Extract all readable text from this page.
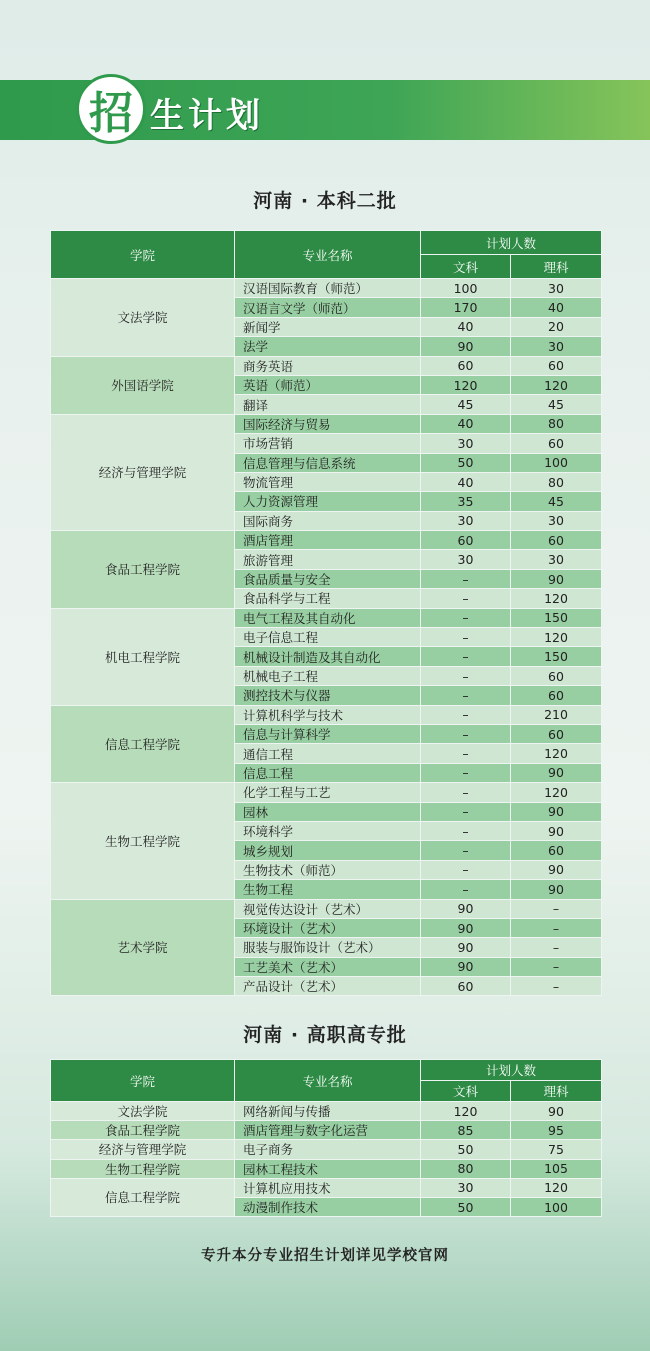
招 生计划
河南 · 本科二批
学院	专业名称	计划人数	
		文科	理科
文法学院	汉语国际教育（师范）	100	30
	汉语言文学（师范）	170	40
	新闻学	40	20
	法学	90	30
外国语学院	商务英语	60	60
	英语（师范）	120	120
	翻译	45	45
经济与管理学院	国际经济与贸易	40	80
	市场营销	30	60
	信息管理与信息系统	50	100
	物流管理	40	80
	人力资源管理	35	45
	国际商务	30	30
食品工程学院	酒店管理	60	60
	旅游管理	30	30
	食品质量与安全	–	90
	食品科学与工程	–	120
机电工程学院	电气工程及其自动化	–	150
	电子信息工程	–	120
	机械设计制造及其自动化	–	150
	机械电子工程	–	60
	测控技术与仪器	–	60
信息工程学院	计算机科学与技术	–	210
	信息与计算科学	–	60
	通信工程	–	120
	信息工程	–	90
生物工程学院	化学工程与工艺	–	120
	园林	–	90
	环境科学	–	90
	城乡规划	–	60
	生物技术（师范）	–	90
	生物工程	–	90
艺术学院	视觉传达设计（艺术）	90	–
	环境设计（艺术）	90	–
	服装与服饰设计（艺术）	90	–
	工艺美术（艺术）	90	–
	产品设计（艺术）	60	–
河南 · 高职高专批
学院	专业名称	计划人数	
		文科	理科
文法学院	网络新闻与传播	120	90
食品工程学院	酒店管理与数字化运营	85	95
经济与管理学院	电子商务	50	75
生物工程学院	园林工程技术	80	105
信息工程学院	计算机应用技术	30	120
	动漫制作技术	50	100
专升本分专业招生计划详见学校官网
